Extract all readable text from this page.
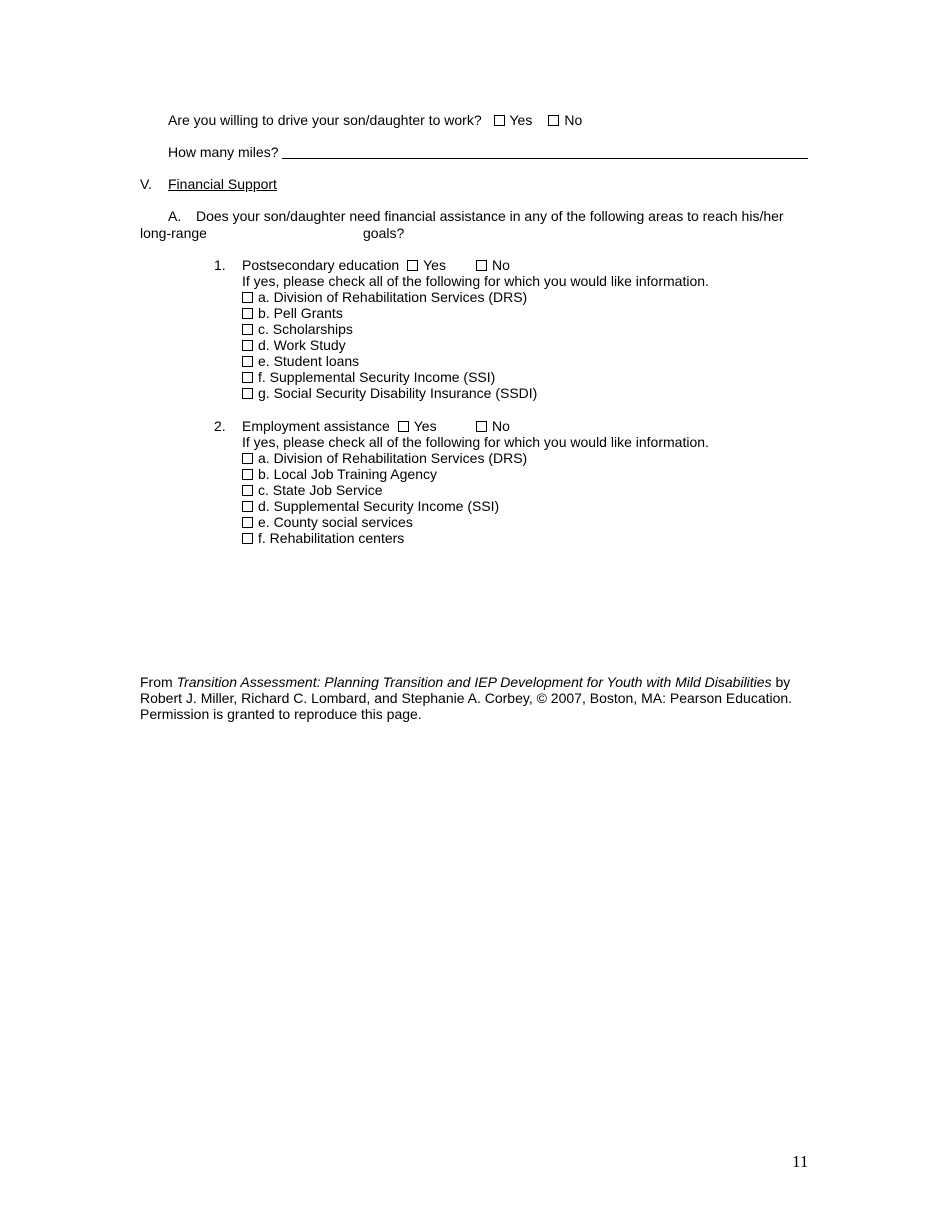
Are you willing to drive your son/daughter to work? Yes No
How many miles?
V. Financial Support
A. Does your son/daughter need financial assistance in any of the following areas to reach his/her
long-range	goals?
1. Postsecondary education Yes	No
If yes, please check all of the following for which you would like information.
a. Division of Rehabilitation Services (DRS)
b. Pell Grants
c. Scholarships
d. Work Study
e. Student loans
f. Supplemental Security Income (SSI)
g. Social Security Disability Insurance (SSDI)
2. Employment assistance Yes	No
If yes, please check all of the following for which you would like information.
a. Division of Rehabilitation Services (DRS)
b. Local Job Training Agency
c. State Job Service
d. Supplemental Security Income (SSI)
e. County social services
f. Rehabilitation centers
From Transition Assessment: Planning Transition and IEP Development for Youth with Mild Disabilities by Robert J. Miller, Richard C. Lombard, and Stephanie A. Corbey, © 2007, Boston, MA: Pearson Education. Permission is granted to reproduce this page.
11
